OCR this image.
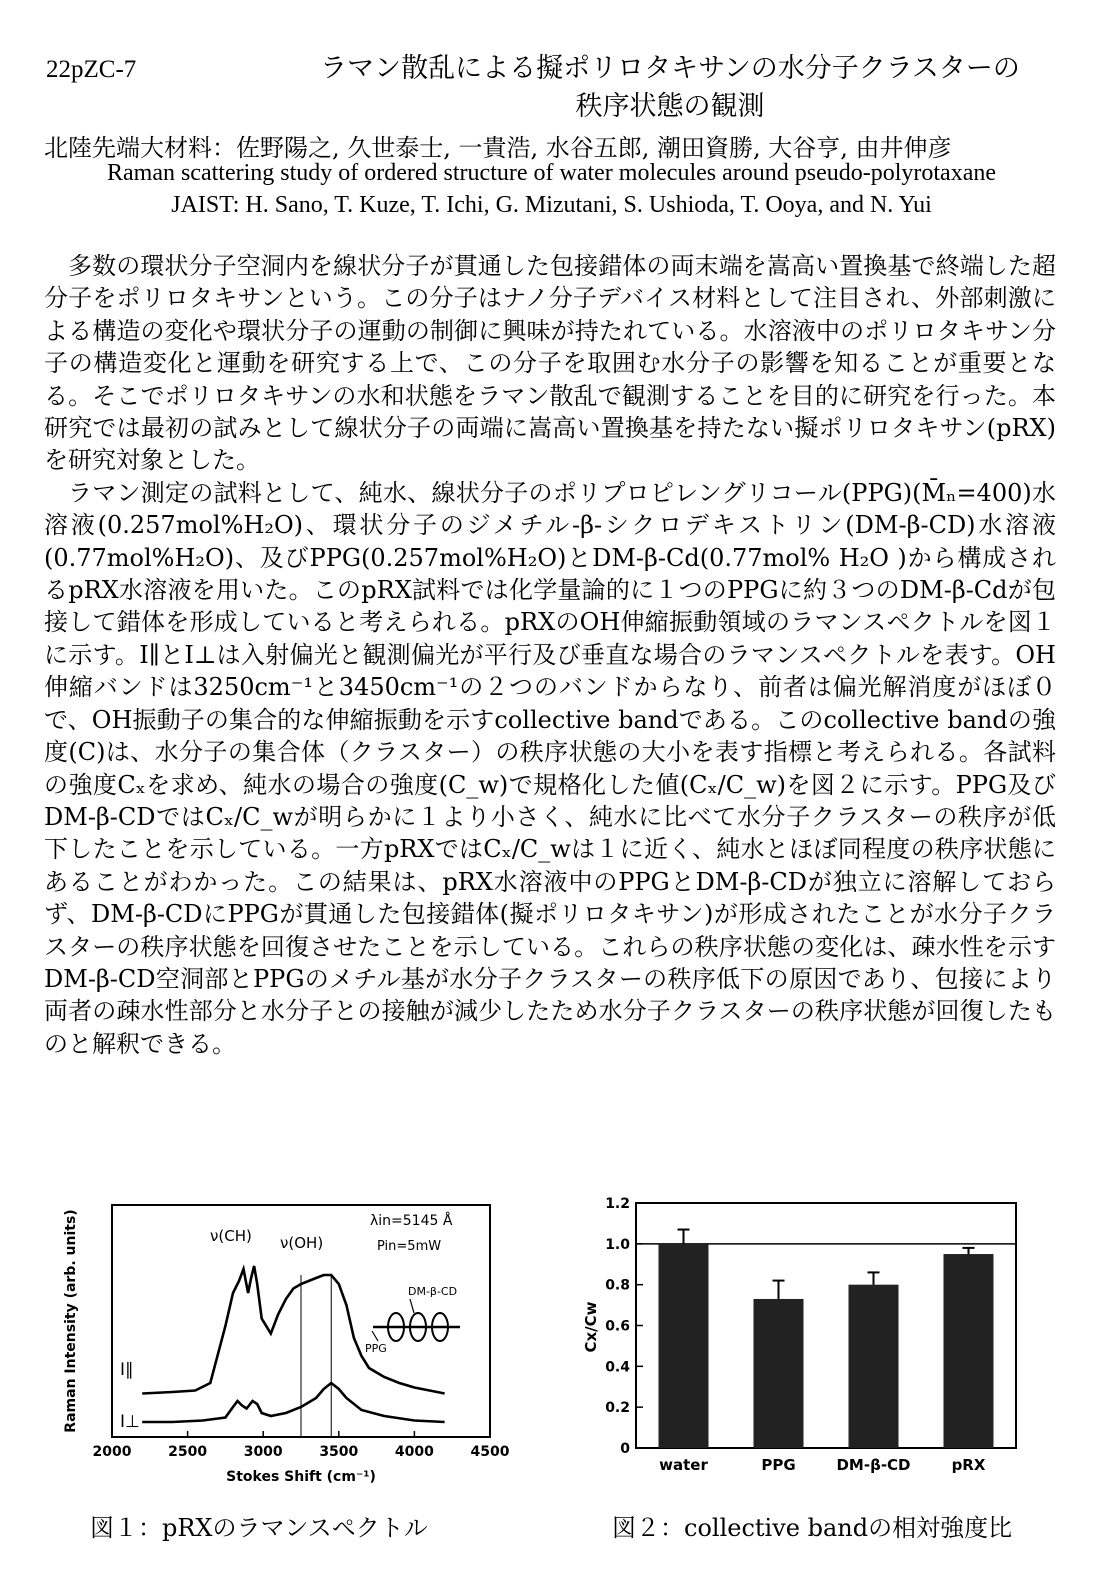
22pZC-7	ラマン散乱による擬ポリロタキサンの水分子クラスターの
秩序状態の観測
北陸先端大材料：佐野陽之, 久世泰士, 一貴浩, 水谷五郎, 潮田資勝, 大谷亨, 由井伸彦
Raman scattering study of ordered structure of water molecules around pseudo-polyrotaxane
JAIST: H. Sano, T. Kuze, T. Ichi, G. Mizutani, S. Ushioda, T. Ooya, and N. Yui

多数の環状分子空洞内を線状分子が貫通した包接錯体の両末端を嵩高い置換基で終端した超分子をポリロタキサンという。この分子はナノ分子デバイス材料として注目され、外部刺激による構造の変化や環状分子の運動の制御に興味が持たれている。水溶液中のポリロタキサン分子の構造変化と運動を研究する上で、この分子を取囲む水分子の影響を知ることが重要となる。そこでポリロタキサンの水和状態をラマン散乱で観測することを目的に研究を行った。本研究では最初の試みとして線状分子の両端に嵩高い置換基を持たない擬ポリロタキサン(pRX)を研究対象とした。

ラマン測定の試料として、純水、線状分子のポリプロピレングリコール(PPG)(M̄ₙ=400)水溶液(0.257mol%H₂O)、環状分子のジメチル-β-シクロデキストリン(DM-β-CD)水溶液(0.77mol%H₂O)、及びPPG(0.257mol%H₂O)とDM-β-Cd(0.77mol% H₂O )から構成されるpRX水溶液を用いた。このpRX試料では化学量論的に１つのPPGに約３つのDM-β-Cdが包接して錯体を形成していると考えられる。pRXのOH伸縮振動領域のラマンスペクトルを図１に示す。I∥とI⊥は入射偏光と観測偏光が平行及び垂直な場合のラマンスペクトルを表す。OH伸縮バンドは3250cm⁻¹と3450cm⁻¹の２つのバンドからなり、前者は偏光解消度がほぼ０で、OH振動子の集合的な伸縮振動を示すcollective bandである。このcollective bandの強度(C)は、水分子の集合体（クラスター）の秩序状態の大小を表す指標と考えられる。各試料の強度Cₓを求め、純水の場合の強度(C_w)で規格化した値(Cₓ/C_w)を図２に示す。PPG及びDM-β-CDではCₓ/C_wが明らかに１より小さく、純水に比べて水分子クラスターの秩序が低下したことを示している。一方pRXではCₓ/C_wは１に近く、純水とほぼ同程度の秩序状態にあることがわかった。この結果は、pRX水溶液中のPPGとDM-β-CDが独立に溶解しておらず、DM-β-CDにPPGが貫通した包接錯体(擬ポリロタキサン)が形成されたことが水分子クラスターの秩序状態を回復させたことを示している。これらの秩序状態の変化は、疎水性を示すDM-β-CD空洞部とPPGのメチル基が水分子クラスターの秩序低下の原因であり、包接により両者の疎水性部分と水分子との接触が減少したため水分子クラスターの秩序状態が回復したものと解釈できる。

2000	2500	3000	3500	4000	4500
ν(CH) ν(OH)
λin=5145 Å
Pin=5mW
DM-β-CD
PPG
I∥
I⊥
Stokes Shift (cm⁻¹)
Raman Intensity (arb. units)
0
0.2
0.4
0.6
0.8
1.0
1.2
water	PPG	DM-β-CD	pRX
Cx/Cw
図１：pRXのラマンスペクトル	図２：collective bandの相対強度比
